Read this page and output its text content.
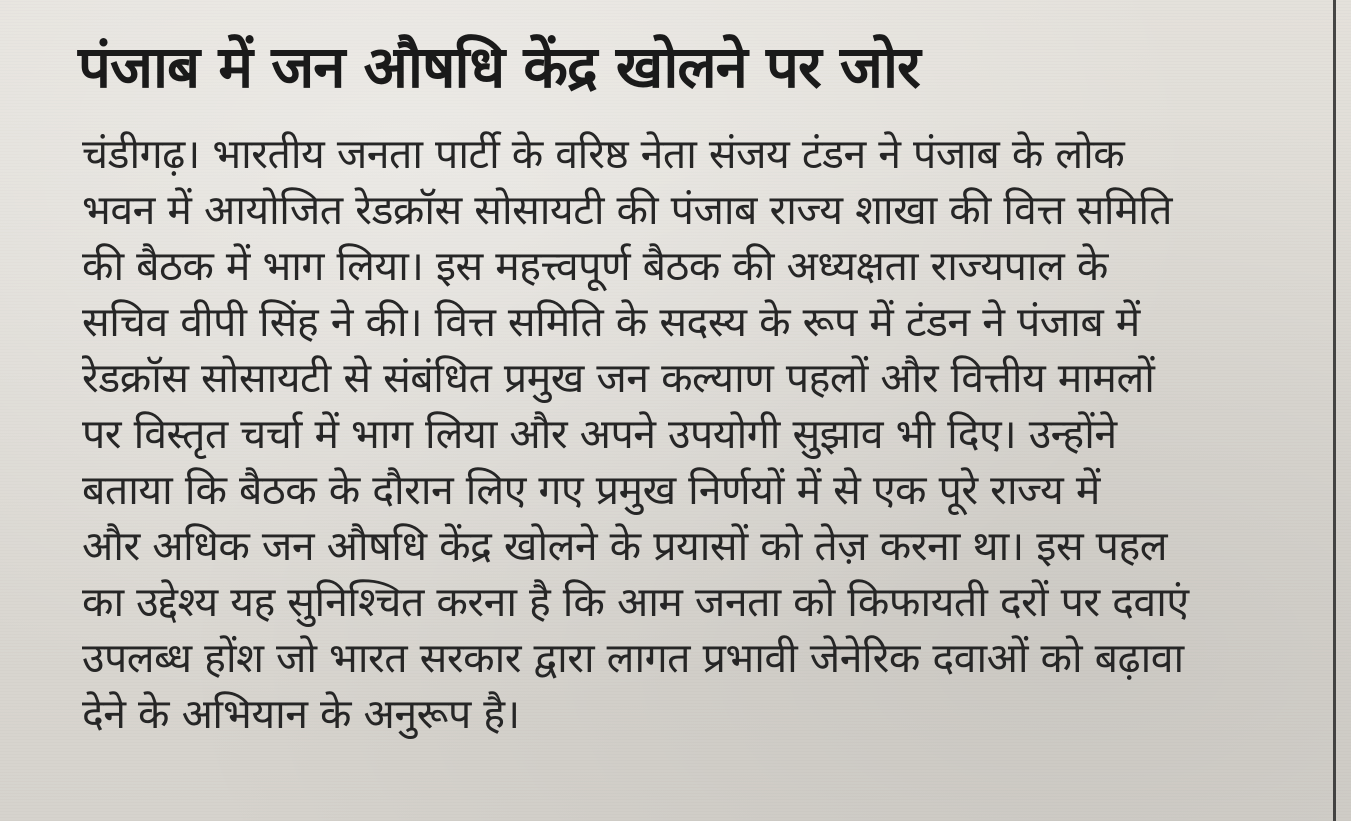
पंजाब में जन औषधि केंद्र खोलने पर जोर
चंडीगढ़। भारतीय जनता पार्टी के वरिष्ठ नेता संजय टंडन ने पंजाब के लोक
भवन में आयोजित रेडक्रॉस सोसायटी की पंजाब राज्य शाखा की वित्त समिति
की बैठक में भाग लिया। इस महत्त्वपूर्ण बैठक की अध्यक्षता राज्यपाल के
सचिव वीपी सिंह ने की। वित्त समिति के सदस्य के रूप में टंडन ने पंजाब में
रेडक्रॉस सोसायटी से संबंधित प्रमुख जन कल्याण पहलों और वित्तीय मामलों
पर विस्तृत चर्चा में भाग लिया और अपने उपयोगी सुझाव भी दिए। उन्होंने
बताया कि बैठक के दौरान लिए गए प्रमुख निर्णयों में से एक पूरे राज्य में
और अधिक जन औषधि केंद्र खोलने के प्रयासों को तेज़ करना था। इस पहल
का उद्देश्य यह सुनिश्चित करना है कि आम जनता को किफायती दरों पर दवाएं
उपलब्ध होंश जो भारत सरकार द्वारा लागत प्रभावी जेनेरिक दवाओं को बढ़ावा
देने के अभियान के अनुरूप है।
